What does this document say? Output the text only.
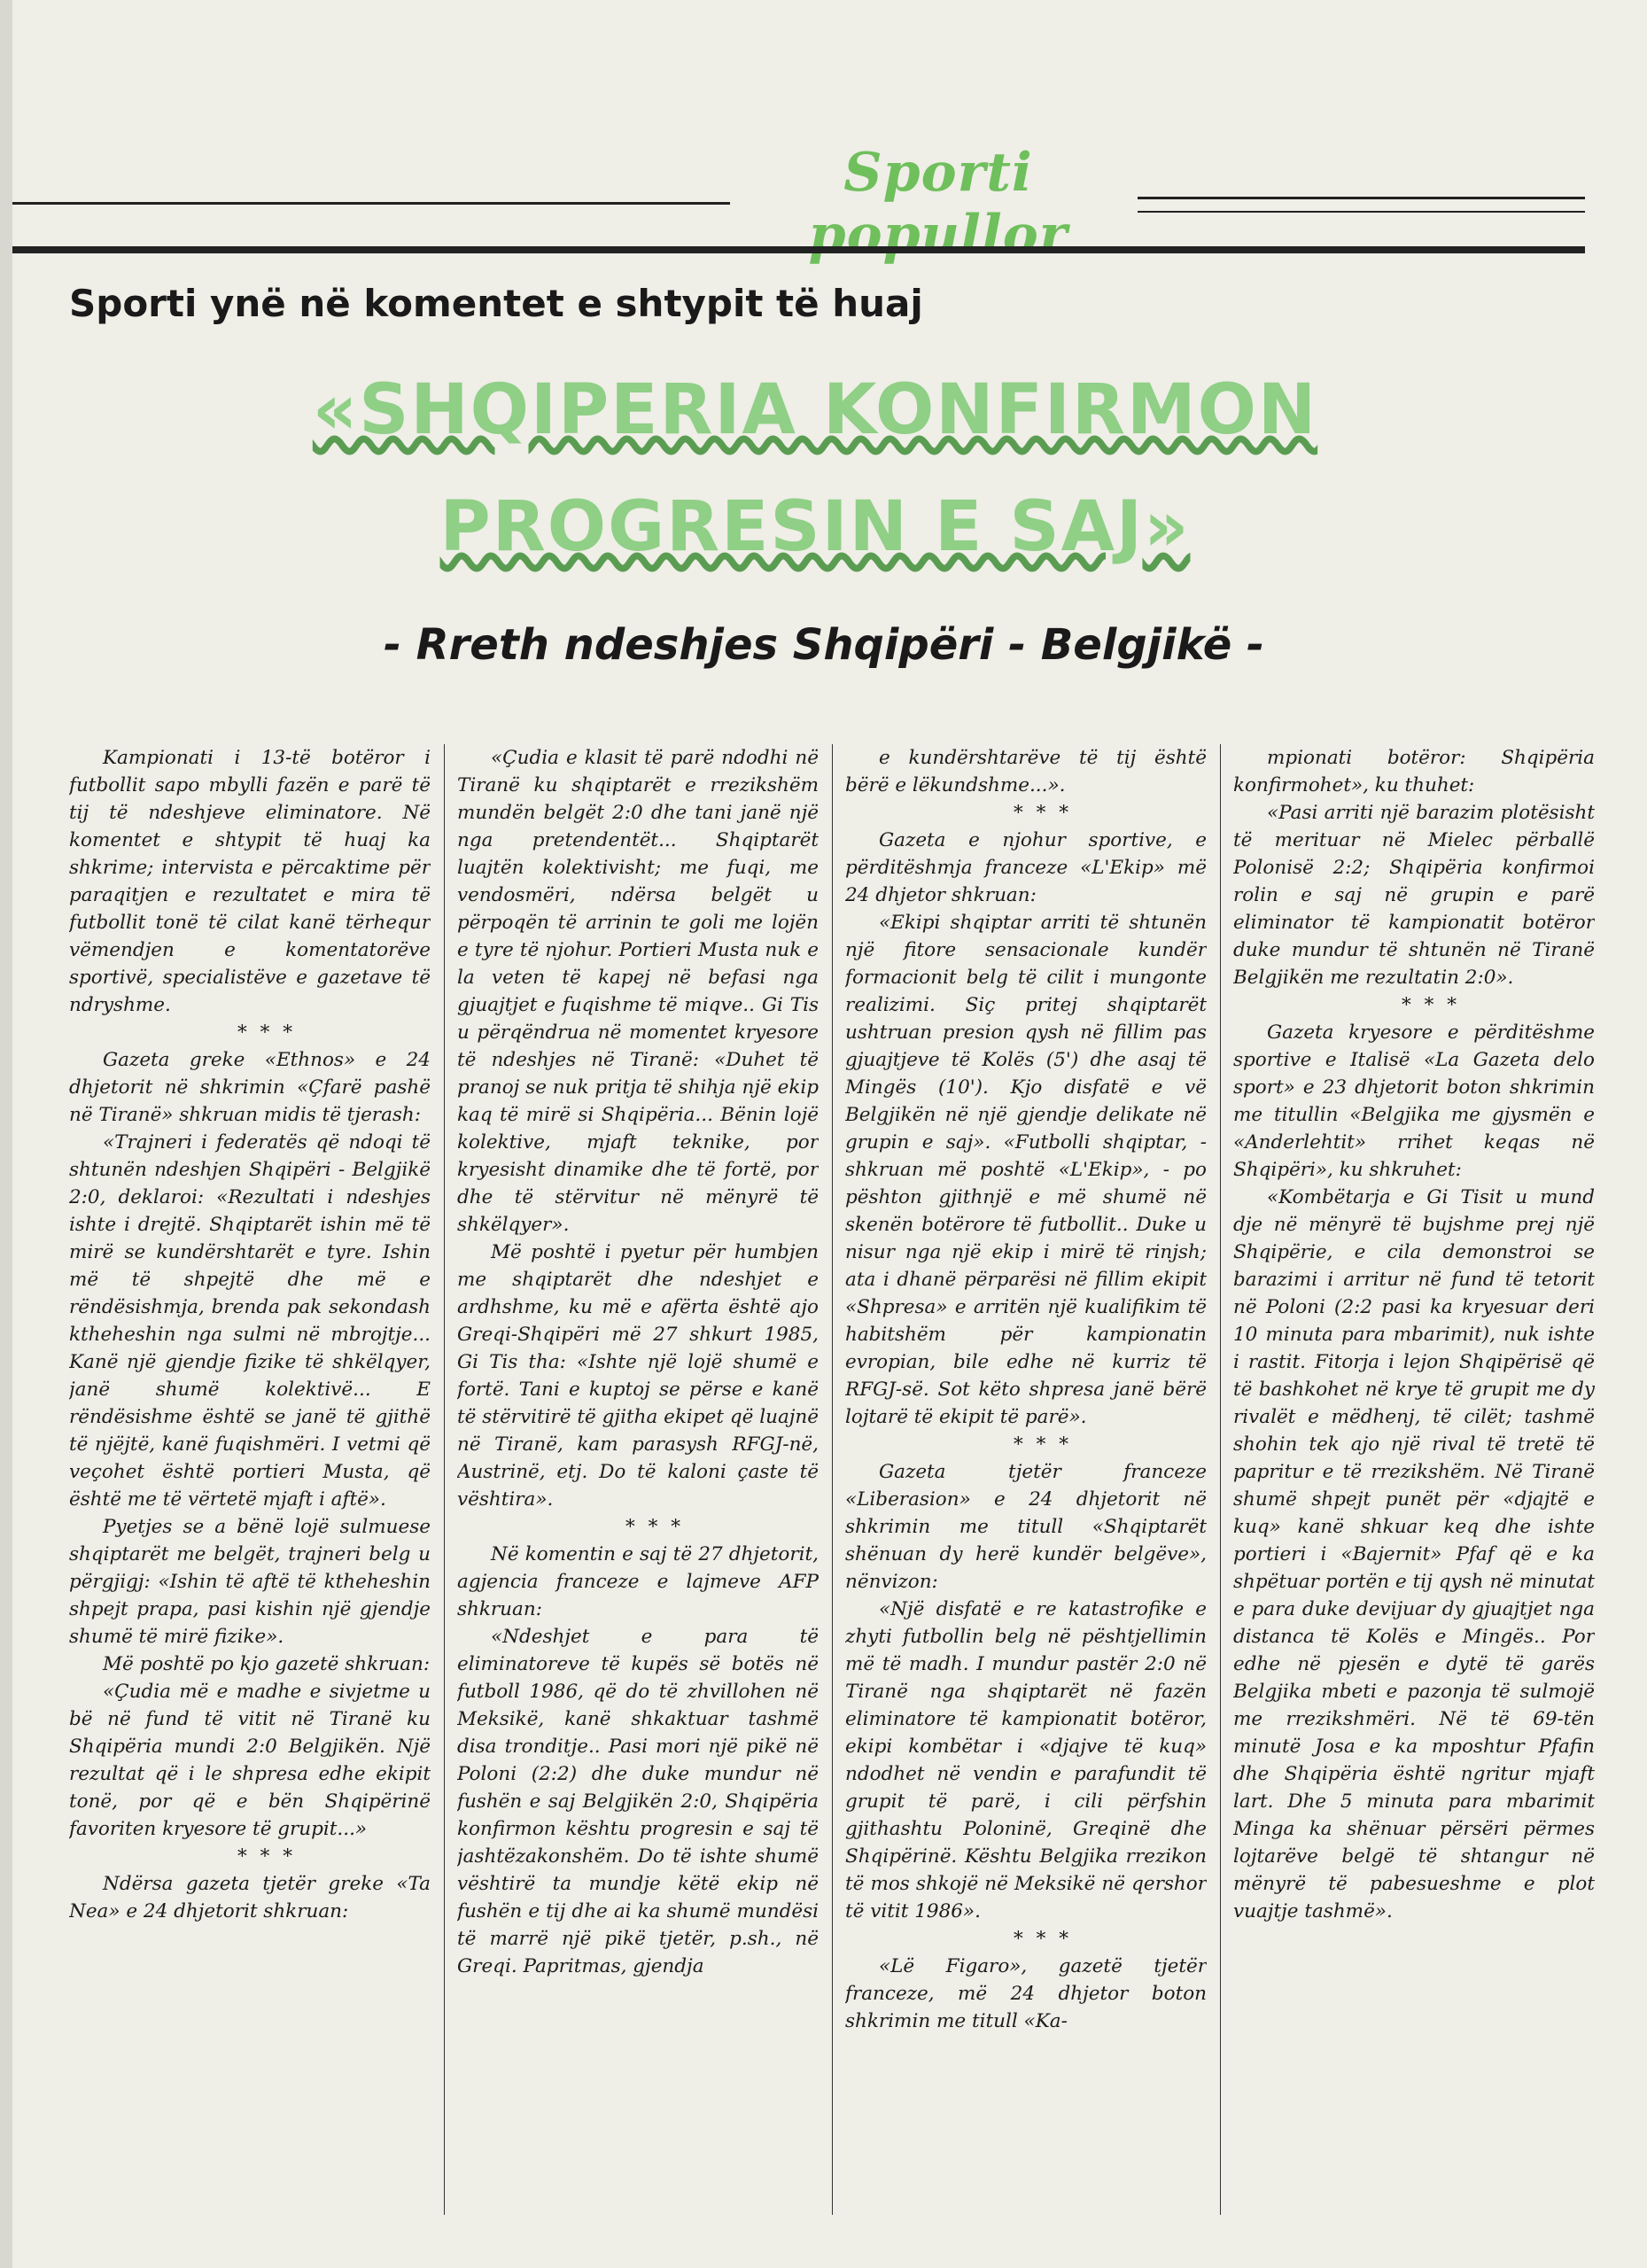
Sporti popullor
Sporti ynë në komentet e shtypit të huaj
«SHQIPERIA KONFIRMON
PROGRESIN E SAJ»
- Rreth ndeshjes Shqipëri - Belgjikë -

Kampionati i 13-të botëror i futbollit sapo mbylli fazën e parë të tij të ndeshjeve eliminatore. Në komentet e shtypit të huaj ka shkrime; intervista e përcaktime për paraqitjen e rezultatet e mira të futbollit tonë të cilat kanë tërhequr vëmendjen e komentatorëve sportivë, specialistëve e gazetave të ndryshme.

* * *

Gazeta greke «Ethnos» e 24 dhjetorit në shkrimin «Çfarë pashë në Tiranë» shkruan midis të tjerash:

«Trajneri i federatës që ndoqi të shtunën ndeshjen Shqipëri - Belgjikë 2:0, deklaroi: «Rezultati i ndeshjes ishte i drejtë. Shqiptarët ishin më të mirë se kundërshtarët e tyre. Ishin më të shpejtë dhe më e rëndësishmja, brenda pak sekondash ktheheshin nga sulmi në mbrojtje... Kanë një gjendje fizike të shkëlqyer, janë shumë kolektivë... E rëndësishme është se janë të gjithë të njëjtë, kanë fuqishmëri. I vetmi që veçohet është portieri Musta, që është me të vërtetë mjaft i aftë».

Pyetjes se a bënë lojë sulmuese shqiptarët me belgët, trajneri belg u përgjigj: «Ishin të aftë të ktheheshin shpejt prapa, pasi kishin një gjendje shumë të mirë fizike».

Më poshtë po kjo gazetë shkruan:

«Çudia më e madhe e sivjetme u bë në fund të vitit në Tiranë ku Shqipëria mundi 2:0 Belgjikën. Një rezultat që i le shpresa edhe ekipit tonë, por që e bën Shqipërinë favoriten kryesore të grupit...»

* * *

Ndërsa gazeta tjetër greke «Ta Nea» e 24 dhjetorit shkruan:

«Çudia e klasit të parë ndodhi në Tiranë ku shqiptarët e rrezikshëm mundën belgët 2:0 dhe tani janë një nga pretendentët... Shqiptarët luajtën kolektivisht; me fuqi, me vendosmëri, ndërsa belgët u përpoqën të arrinin te goli me lojën e tyre të njohur. Portieri Musta nuk e la veten të kapej në befasi nga gjuajtjet e fuqishme të miqve.. Gi Tis u përqëndrua në momentet kryesore të ndeshjes në Tiranë: «Duhet të pranoj se nuk pritja të shihja një ekip kaq të mirë si Shqipëria... Bënin lojë kolektive, mjaft teknike, por kryesisht dinamike dhe të fortë, por dhe të stërvitur në mënyrë të shkëlqyer».

Më poshtë i pyetur për humbjen me shqiptarët dhe ndeshjet e ardhshme, ku më e afërta është ajo Greqi-Shqipëri më 27 shkurt 1985, Gi Tis tha: «Ishte një lojë shumë e fortë. Tani e kuptoj se përse e kanë të stërvitirë të gjitha ekipet që luajnë në Tiranë, kam parasysh RFGJ-në, Austrinë, etj. Do të kaloni çaste të vështira».

* * *

Në komentin e saj të 27 dhjetorit, agjencia franceze e lajmeve AFP shkruan:

«Ndeshjet e para të eliminatoreve të kupës së botës në futboll 1986, që do të zhvillohen në Meksikë, kanë shkaktuar tashmë disa tronditje.. Pasi mori një pikë në Poloni (2:2) dhe duke mundur në fushën e saj Belgjikën 2:0, Shqipëria konfirmon kështu progresin e saj të jashtëzakonshëm. Do të ishte shumë vështirë ta mundje këtë ekip në fushën e tij dhe ai ka shumë mundësi të marrë një pikë tjetër, p.sh., në Greqi. Papritmas, gjendja

e kundërshtarëve të tij është bërë e lëkundshme...».

* * *

Gazeta e njohur sportive, e përditëshmja franceze «L'Ekip» më 24 dhjetor shkruan:

«Ekipi shqiptar arriti të shtunën një fitore sensacionale kundër formacionit belg të cilit i mungonte realizimi. Siç pritej shqiptarët ushtruan presion qysh në fillim pas gjuajtjeve të Kolës (5') dhe asaj të Mingës (10'). Kjo disfatë e vë Belgjikën në një gjendje delikate në grupin e saj». «Futbolli shqiptar, - shkruan më poshtë «L'Ekip», - po pështon gjithnjë e më shumë në skenën botërore të futbollit.. Duke u nisur nga një ekip i mirë të rinjsh; ata i dhanë përparësi në fillim ekipit «Shpresa» e arritën një kualifikim të habitshëm për kampionatin evropian, bile edhe në kurriz të RFGJ-së. Sot këto shpresa janë bërë lojtarë të ekipit të parë».

* * *

Gazeta tjetër franceze «Liberasion» e 24 dhjetorit në shkrimin me titull «Shqiptarët shënuan dy herë kundër belgëve», nënvizon:

«Një disfatë e re katastrofike e zhyti futbollin belg në pështjellimin më të madh. I mundur pastër 2:0 në Tiranë nga shqiptarët në fazën eliminatore të kampionatit botëror, ekipi kombëtar i «djajve të kuq» ndodhet në vendin e parafundit të grupit të parë, i cili përfshin gjithashtu Poloninë, Greqinë dhe Shqipërinë. Kështu Belgjika rrezikon të mos shkojë në Meksikë në qershor të vitit 1986».

* * *

«Lë Figaro», gazetë tjetër franceze, më 24 dhjetor boton shkrimin me titull «Ka-

mpionati botëror: Shqipëria konfirmohet», ku thuhet:

«Pasi arriti një barazim plotësisht të merituar në Mielec përballë Polonisë 2:2; Shqipëria konfirmoi rolin e saj në grupin e parë eliminator të kampionatit botëror duke mundur të shtunën në Tiranë Belgjikën me rezultatin 2:0».

* * *

Gazeta kryesore e përditëshme sportive e Italisë «La Gazeta delo sport» e 23 dhjetorit boton shkrimin me titullin «Belgjika me gjysmën e «Anderlehtit» rrihet keqas në Shqipëri», ku shkruhet:

«Kombëtarja e Gi Tisit u mund dje në mënyrë të bujshme prej një Shqipërie, e cila demonstroi se barazimi i arritur në fund të tetorit në Poloni (2:2 pasi ka kryesuar deri 10 minuta para mbarimit), nuk ishte i rastit. Fitorja i lejon Shqipërisë që të bashkohet në krye të grupit me dy rivalët e mëdhenj, të cilët; tashmë shohin tek ajo një rival të tretë të papritur e të rrezikshëm. Në Tiranë shumë shpejt punët për «djajtë e kuq» kanë shkuar keq dhe ishte portieri i «Bajernit» Pfaf që e ka shpëtuar portën e tij qysh në minutat e para duke devijuar dy gjuajtjet nga distanca të Kolës e Mingës.. Por edhe në pjesën e dytë të garës Belgjika mbeti e pazonja të sulmojë me rrezikshmëri. Në të 69-tën minutë Josa e ka mposhtur Pfafin dhe Shqipëria është ngritur mjaft lart. Dhe 5 minuta para mbarimit Minga ka shënuar përsëri përmes lojtarëve belgë të shtangur në mënyrë të pabesueshme e plot vuajtje tashmë».
